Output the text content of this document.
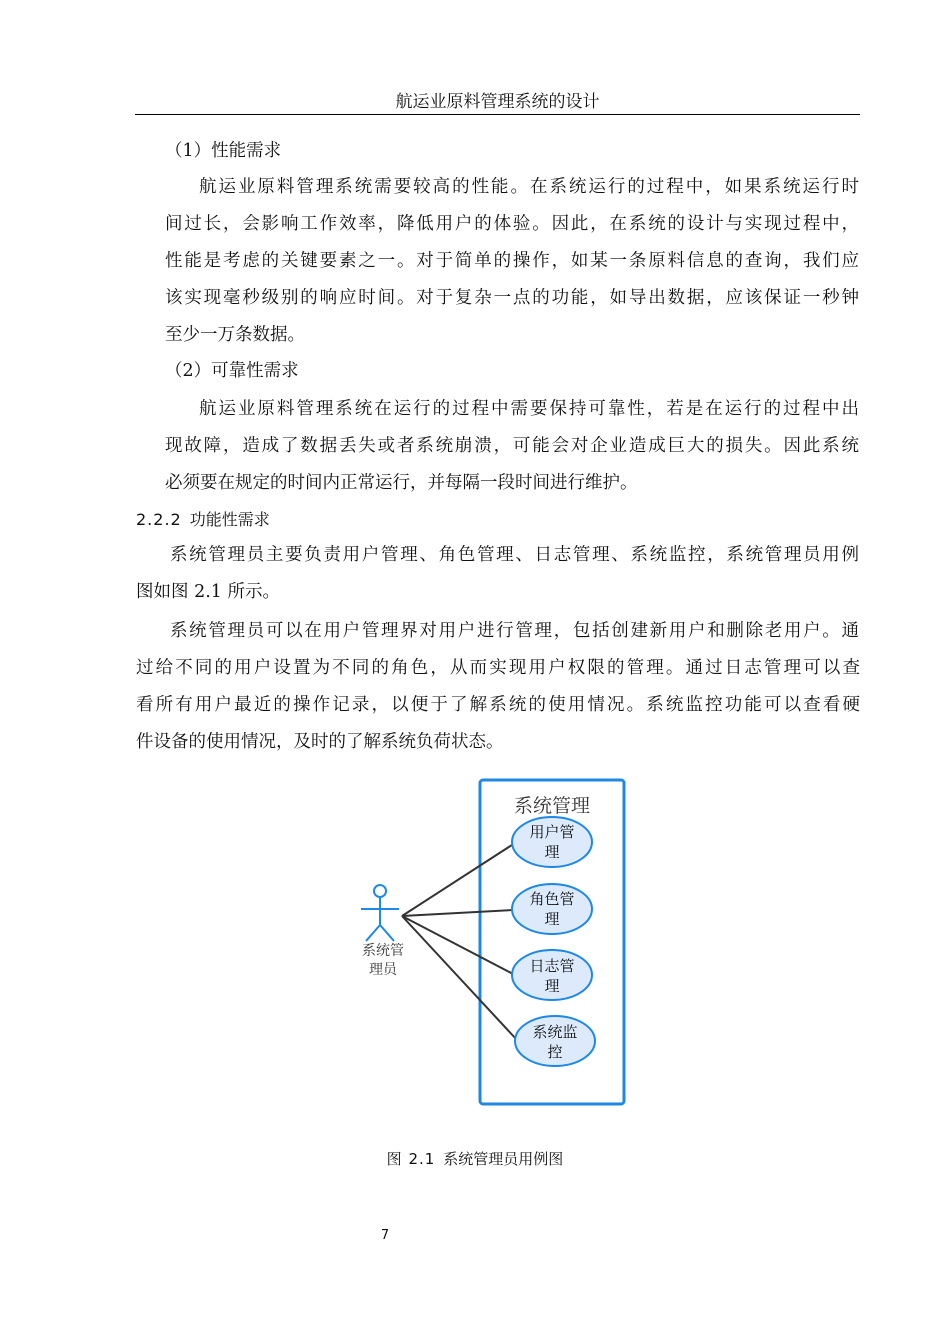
航运业原料管理系统的设计
（1）性能需求
航运业原料管理系统需要较高的性能。在系统运行的过程中，如果系统运行时
间过长，会影响工作效率，降低用户的体验。因此，在系统的设计与实现过程中，
性能是考虑的关键要素之一。对于简单的操作，如某一条原料信息的查询，我们应
该实现毫秒级别的响应时间。对于复杂一点的功能，如导出数据，应该保证一秒钟
至少一万条数据。
（2）可靠性需求
航运业原料管理系统在运行的过程中需要保持可靠性，若是在运行的过程中出
现故障，造成了数据丢失或者系统崩溃，可能会对企业造成巨大的损失。因此系统
必须要在规定的时间内正常运行，并每隔一段时间进行维护。
2.2.2 功能性需求
系统管理员主要负责用户管理、角色管理、日志管理、系统监控，系统管理员用例
图如图 2.1 所示。
系统管理员可以在用户管理界对用户进行管理，包括创建新用户和删除老用户。通
过给不同的用户设置为不同的角色，从而实现用户权限的管理。通过日志管理可以查
看所有用户最近的操作记录，以便于了解系统的使用情况。系统监控功能可以查看硬
件设备的使用情况，及时的了解系统负荷状态。
系统管理
系统管
理员
用户管
理
角色管
理
日志管
理
系统监
控
图 2.1 系统管理员用例图
7
